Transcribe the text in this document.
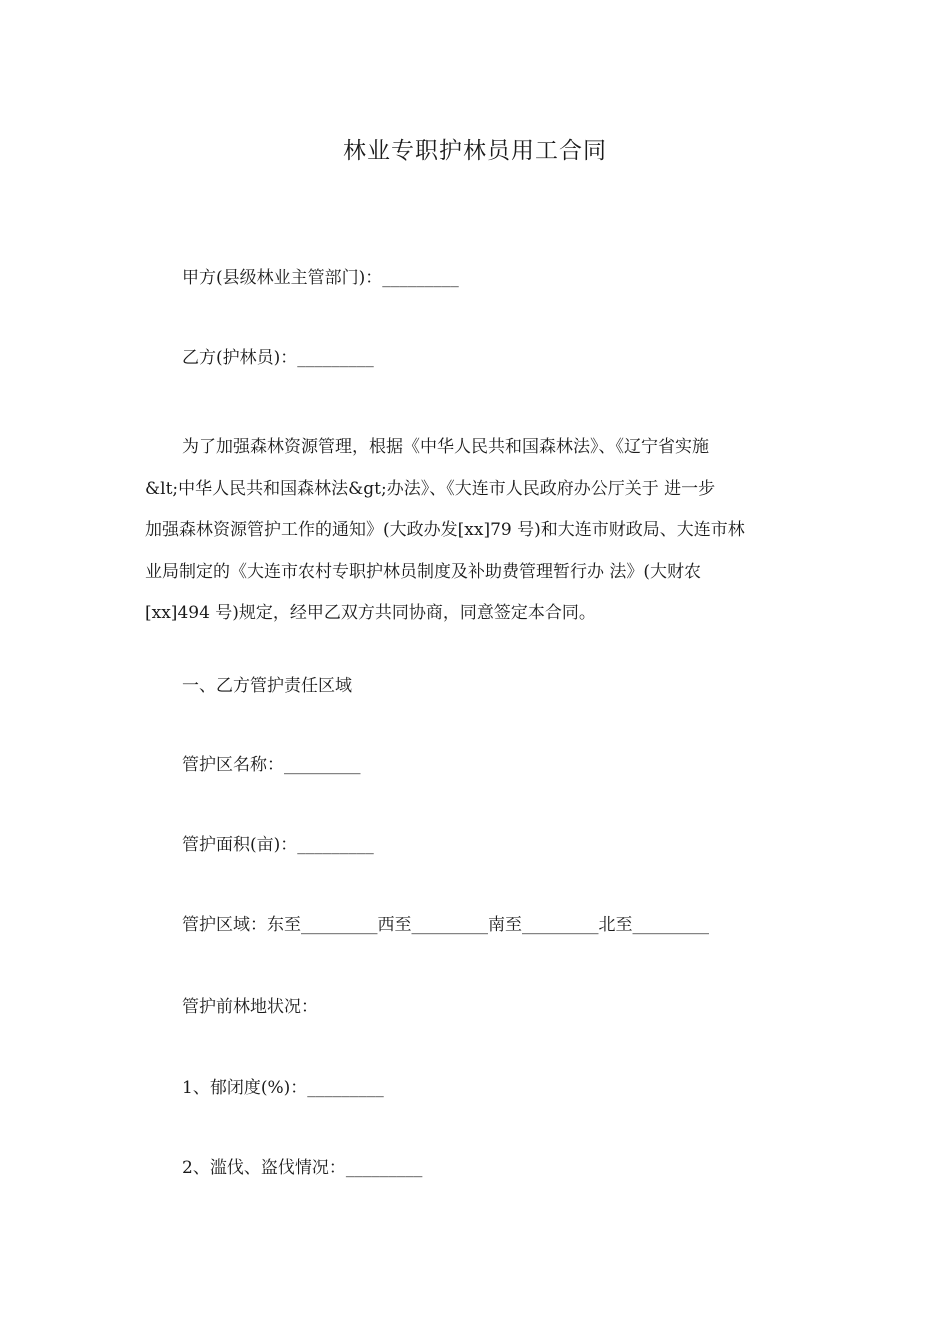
林业专职护林员用工合同

甲方(县级林业主管部门)：_________

乙方(护林员)：_________

为了加强森林资源管理，根据《中华人民共和国森林法》、《辽宁省实施
&lt;中华人民共和国森林法&gt;办法》、《大连市人民政府办公厅关于 进一步
加强森林资源管护工作的通知》(大政办发[xx]79 号)和大连市财政局、大连市林
业局制定的《大连市农村专职护林员制度及补助费管理暂行办 法》(大财农
[xx]494 号)规定，经甲乙双方共同协商，同意签定本合同。

一、乙方管护责任区域

管护区名称：_________

管护面积(亩)：_________

管护区域：东至_________西至_________南至_________北至_________

管护前林地状况：

1、郁闭度(%)：_________

2、滥伐、盗伐情况：_________
